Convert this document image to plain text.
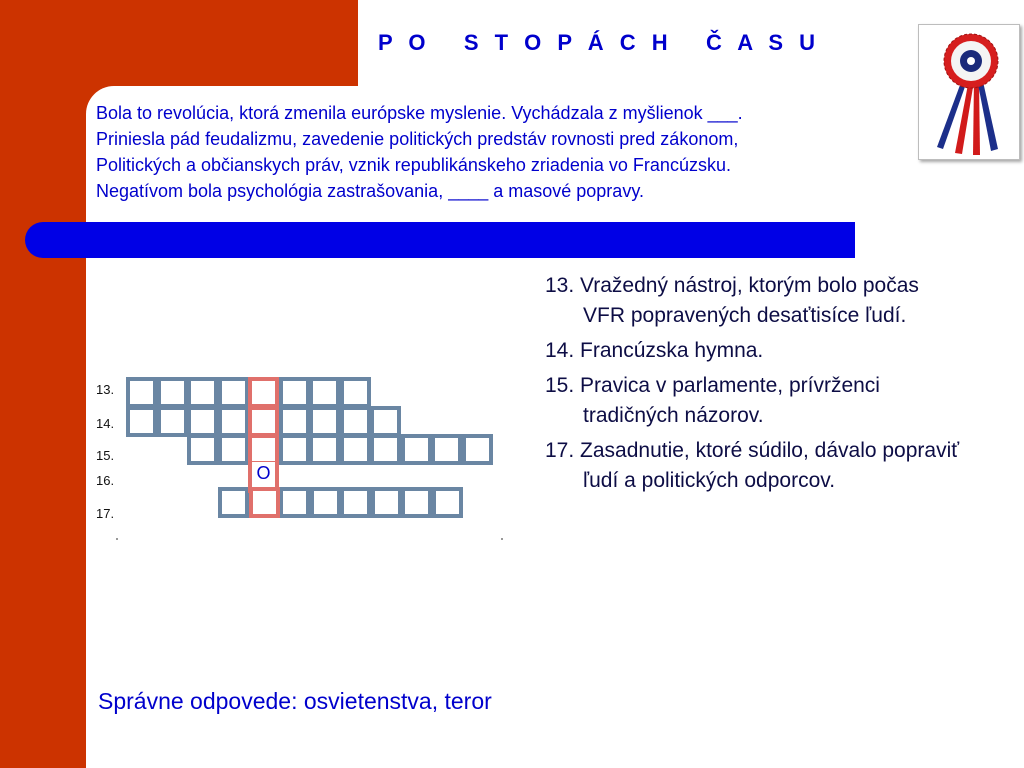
P O   S T O P Á C H   Č A S U
Bola to revolúcia, ktorá zmenila európske myslenie. Vychádzala z myšlienok ___.
Priniesla pád feudalizmu, zavedenie politických predstáv rovnosti pred zákonom,
Politických a občianskych práv, vznik republikánskeho zriadenia vo Francúzsku.
Negatívom bola psychológia zastrašovania, ____ a masové popravy.
13.
14.
15.
16.
17.
O
13. Vražedný nástroj, ktorým bolo počas VFR popravených desaťtisíce ľudí.
14. Francúzska hymna.
15. Pravica v parlamente, prívrženci tradičných názorov.
17. Zasadnutie, ktoré súdilo, dávalo popraviť ľudí a politických odporcov.
Správne odpovede: osvietenstva, teror
